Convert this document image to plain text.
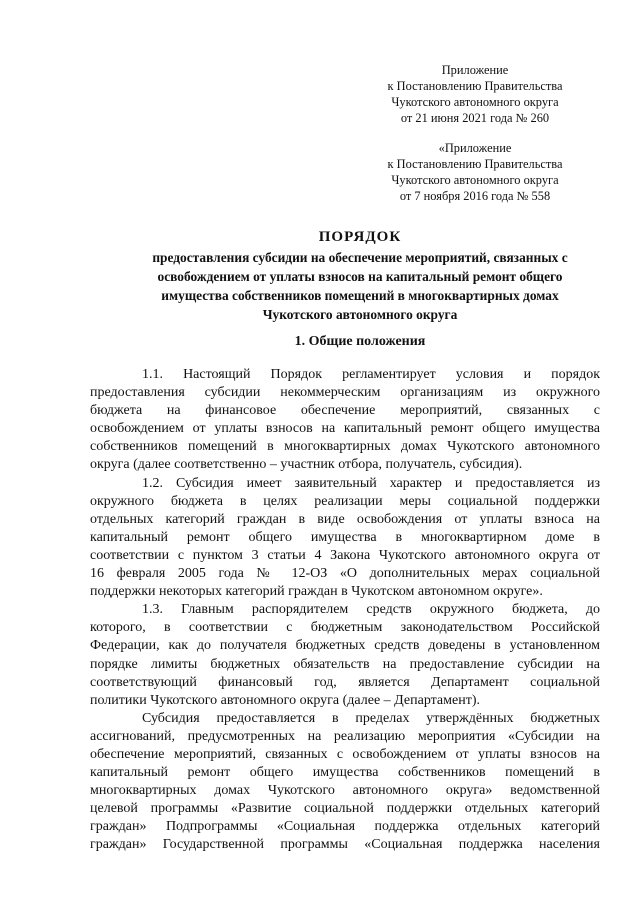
Приложение
к Постановлению Правительства
Чукотского автономного округа
от 21 июня 2021 года № 260
«Приложение
к Постановлению Правительства
Чукотского автономного округа
от 7 ноября 2016 года № 558
ПОРЯДОК
предоставления субсидии на обеспечение мероприятий, связанных с
освобождением от уплаты взносов на капитальный ремонт общего
имущества собственников помещений в многоквартирных домах
Чукотского автономного округа
1. Общие положения
1.1. Настоящий Порядок регламентирует условия и порядок
предоставления субсидии некоммерческим организациям из окружного
бюджета на финансовое обеспечение мероприятий, связанных с
освобождением от уплаты взносов на капитальный ремонт общего имущества
собственников помещений в многоквартирных домах Чукотского автономного
округа (далее соответственно – участник отбора, получатель, субсидия).
1.2. Субсидия имеет заявительный характер и предоставляется из
окружного бюджета в целях реализации меры социальной поддержки
отдельных категорий граждан в виде освобождения от уплаты взноса на
капитальный ремонт общего имущества в многоквартирном доме в
соответствии с пунктом 3 статьи 4 Закона Чукотского автономного округа от
16 февраля 2005 года № 12-ОЗ «О дополнительных мерах социальной
поддержки некоторых категорий граждан в Чукотском автономном округе».
1.3. Главным распорядителем средств окружного бюджета, до
которого, в соответствии с бюджетным законодательством Российской
Федерации, как до получателя бюджетных средств доведены в установленном
порядке лимиты бюджетных обязательств на предоставление субсидии на
соответствующий финансовый год, является Департамент социальной
политики Чукотского автономного округа (далее – Департамент).
Субсидия предоставляется в пределах утверждённых бюджетных
ассигнований, предусмотренных на реализацию мероприятия «Субсидии на
обеспечение мероприятий, связанных с освобождением от уплаты взносов на
капитальный ремонт общего имущества собственников помещений в
многоквартирных домах Чукотского автономного округа» ведомственной
целевой программы «Развитие социальной поддержки отдельных категорий
граждан» Подпрограммы «Социальная поддержка отдельных категорий
граждан» Государственной программы «Социальная поддержка населения
